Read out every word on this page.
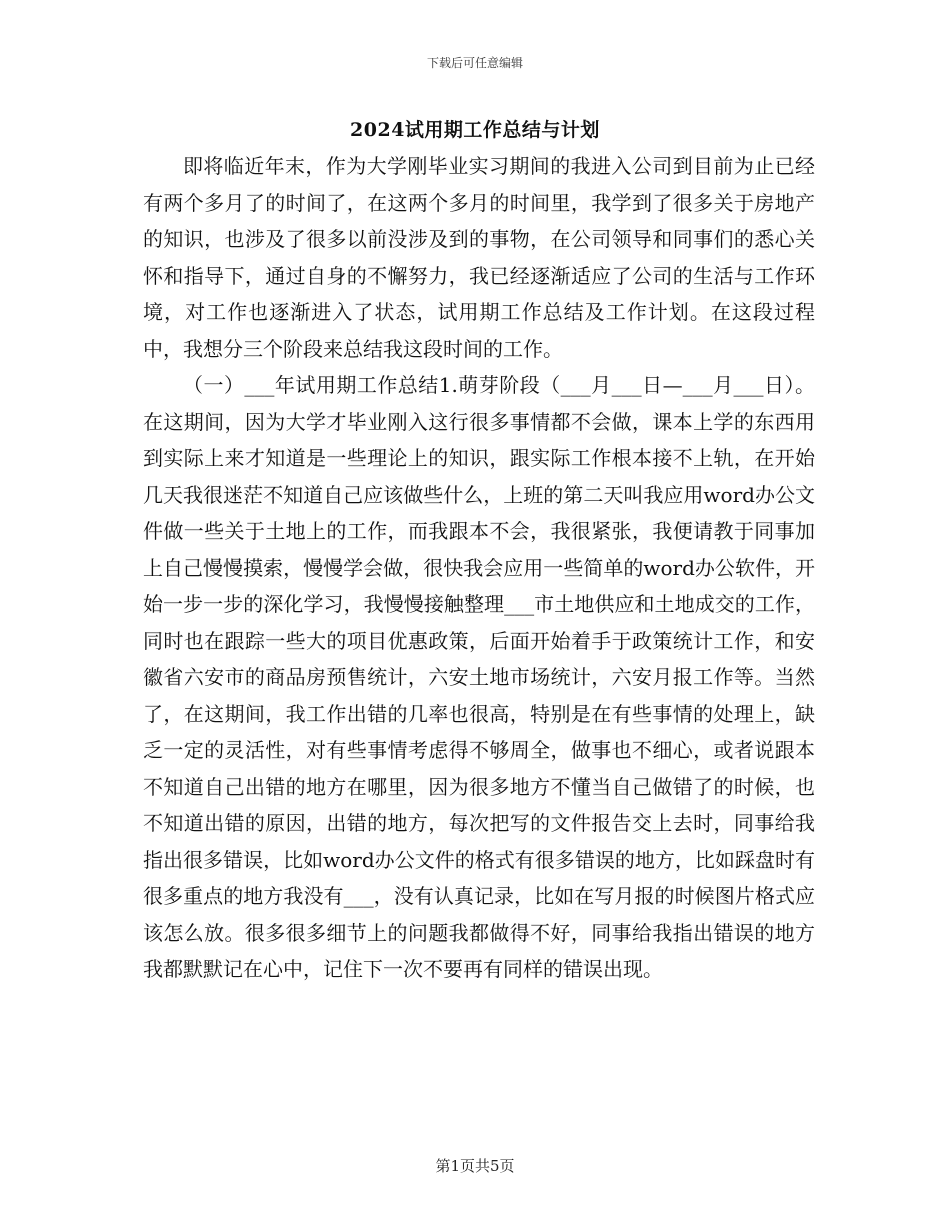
下载后可任意编辑
2024试用期工作总结与计划

即将临近年末，作为大学刚毕业实习期间的我进入公司到目前为止已经有两个多月了的时间了，在这两个多月的时间里，我学到了很多关于房地产的知识，也涉及了很多以前没涉及到的事物，在公司领导和同事们的悉心关怀和指导下，通过自身的不懈努力，我已经逐渐适应了公司的生活与工作环境，对工作也逐渐进入了状态，试用期工作总结及工作计划。在这段过程中，我想分三个阶段来总结我这段时间的工作。

（一）___年试用期工作总结1.萌芽阶段（___月___日—___月___日）。在这期间，因为大学才毕业刚入这行很多事情都不会做，课本上学的东西用到实际上来才知道是一些理论上的知识，跟实际工作根本接不上轨，在开始几天我很迷茫不知道自己应该做些什么，上班的第二天叫我应用word办公文件做一些关于土地上的工作，而我跟本不会，我很紧张，我便请教于同事加上自己慢慢摸索，慢慢学会做，很快我会应用一些简单的word办公软件，开始一步一步的深化学习，我慢慢接触整理___市土地供应和土地成交的工作，同时也在跟踪一些大的项目优惠政策，后面开始着手于政策统计工作，和安徽省六安市的商品房预售统计，六安土地市场统计，六安月报工作等。当然了，在这期间，我工作出错的几率也很高，特别是在有些事情的处理上，缺乏一定的灵活性，对有些事情考虑得不够周全，做事也不细心，或者说跟本不知道自己出错的地方在哪里，因为很多地方不懂当自己做错了的时候，也不知道出错的原因，出错的地方，每次把写的文件报告交上去时，同事给我指出很多错误，比如word办公文件的格式有很多错误的地方，比如踩盘时有很多重点的地方我没有___，没有认真记录，比如在写月报的时候图片格式应该怎么放。很多很多细节上的问题我都做得不好，同事给我指出错误的地方我都默默记在心中，记住下一次不要再有同样的错误出现。

第1页共5页
